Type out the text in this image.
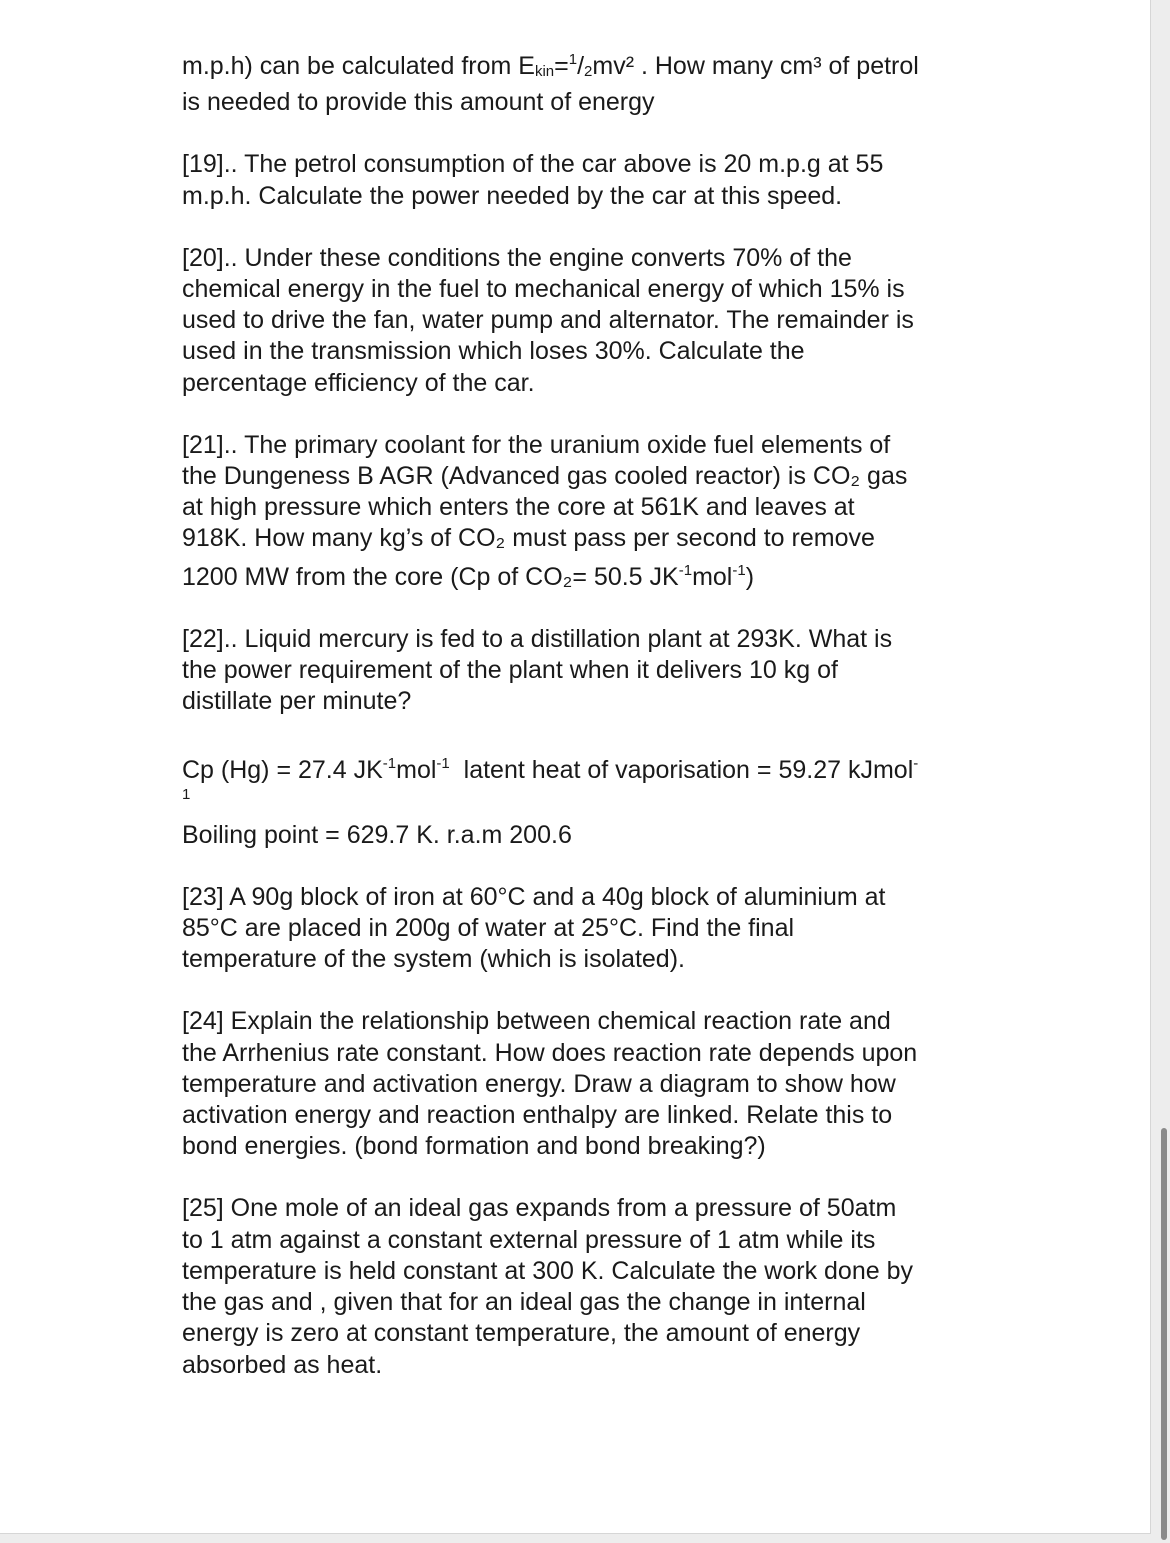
m.p.h) can be calculated from Ekin=$^1$/2mv² . How many cm³ of petrol
is needed to provide this amount of energy
[19].. The petrol consumption of the car above is 20 m.p.g at 55
m.p.h. Calculate the power needed by the car at this speed.
[20].. Under these conditions the engine converts 70% of the
chemical energy in the fuel to mechanical energy of which 15% is
used to drive the fan, water pump and alternator. The remainder is
used in the transmission which loses 30%. Calculate the
percentage efficiency of the car.
[21].. The primary coolant for the uranium oxide fuel elements of
the Dungeness B AGR (Advanced gas cooled reactor) is CO₂ gas
at high pressure which enters the core at 561K and leaves at
918K. How many kg’s of CO₂ must pass per second to remove
1200 MW from the core (Cp of CO₂= 50.5 $JK^{-1}mol^{-1}$)
[22].. Liquid mercury is fed to a distillation plant at 293K. What is
the power requirement of the plant when it delivers 10 kg of
distillate per minute?
Cp (Hg) = 27.4 $JK^{-1}mol^{-1}$  latent heat of vaporisation = 59.27 kJmol-
1
Boiling point = 629.7 K. r.a.m 200.6
[23] A 90g block of iron at 60°C and a 40g block of aluminium at
85°C are placed in 200g of water at 25°C. Find the final
temperature of the system (which is isolated).
[24] Explain the relationship between chemical reaction rate and
the Arrhenius rate constant. How does reaction rate depends upon
temperature and activation energy. Draw a diagram to show how
activation energy and reaction enthalpy are linked. Relate this to
bond energies. (bond formation and bond breaking?)
[25] One mole of an ideal gas expands from a pressure of 50atm
to 1 atm against a constant external pressure of 1 atm while its
temperature is held constant at 300 K. Calculate the work done by
the gas and , given that for an ideal gas the change in internal
energy is zero at constant temperature, the amount of energy
absorbed as heat.
